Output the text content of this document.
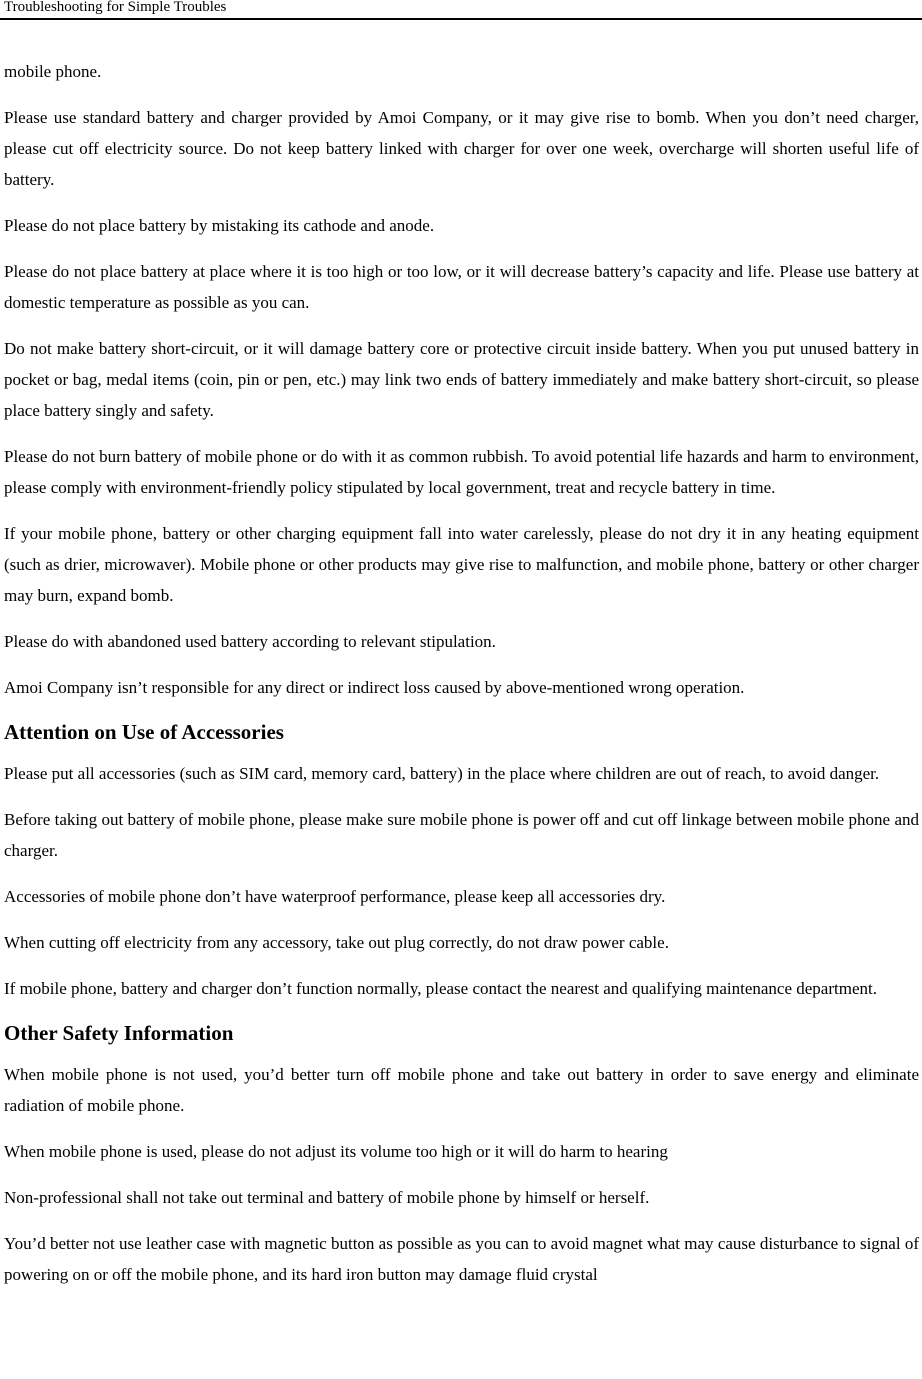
Troubleshooting for Simple Troubles

mobile phone.

Please use standard battery and charger provided by Amoi Company, or it may give rise to bomb. When you don’t need charger, please cut off electricity source. Do not keep battery linked with charger for over one week, overcharge will shorten useful life of battery.

Please do not place battery by mistaking its cathode and anode.

Please do not place battery at place where it is too high or too low, or it will decrease battery’s capacity and life. Please use battery at domestic temperature as possible as you can.

Do not make battery short-circuit, or it will damage battery core or protective circuit inside battery. When you put unused battery in pocket or bag, medal items (coin, pin or pen, etc.) may link two ends of battery immediately and make battery short-circuit, so please place battery singly and safety.

Please do not burn battery of mobile phone or do with it as common rubbish. To avoid potential life hazards and harm to environment, please comply with environment-friendly policy stipulated by local government, treat and recycle battery in time.

If your mobile phone, battery or other charging equipment fall into water carelessly, please do not dry it in any heating equipment (such as drier, microwaver). Mobile phone or other products may give rise to malfunction, and mobile phone, battery or other charger may burn, expand bomb.

Please do with abandoned used battery according to relevant stipulation.

Amoi Company isn’t responsible for any direct or indirect loss caused by above-mentioned wrong operation.

Attention on Use of Accessories

Please put all accessories (such as SIM card, memory card, battery) in the place where children are out of reach, to avoid danger.

Before taking out battery of mobile phone, please make sure mobile phone is power off and cut off linkage between mobile phone and charger.

Accessories of mobile phone don’t have waterproof performance, please keep all accessories dry.

When cutting off electricity from any accessory, take out plug correctly, do not draw power cable.

If mobile phone, battery and charger don’t function normally, please contact the nearest and qualifying maintenance department.

Other Safety Information

When mobile phone is not used, you’d better turn off mobile phone and take out battery in order to save energy and eliminate radiation of mobile phone.

When mobile phone is used, please do not adjust its volume too high or it will do harm to hearing

Non-professional shall not take out terminal and battery of mobile phone by himself or herself.

You’d better not use leather case with magnetic button as possible as you can to avoid magnet what may cause disturbance to signal of powering on or off the mobile phone, and its hard iron button may damage fluid crystal
